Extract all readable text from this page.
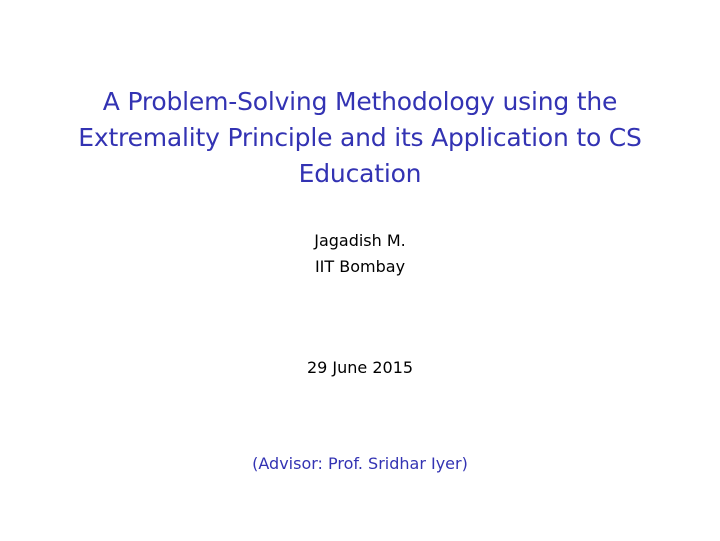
A Problem-Solving Methodology using the
Extremality Principle and its Application to CS
Education
Jagadish M.
IIT Bombay
29 June 2015
(Advisor: Prof. Sridhar Iyer)
